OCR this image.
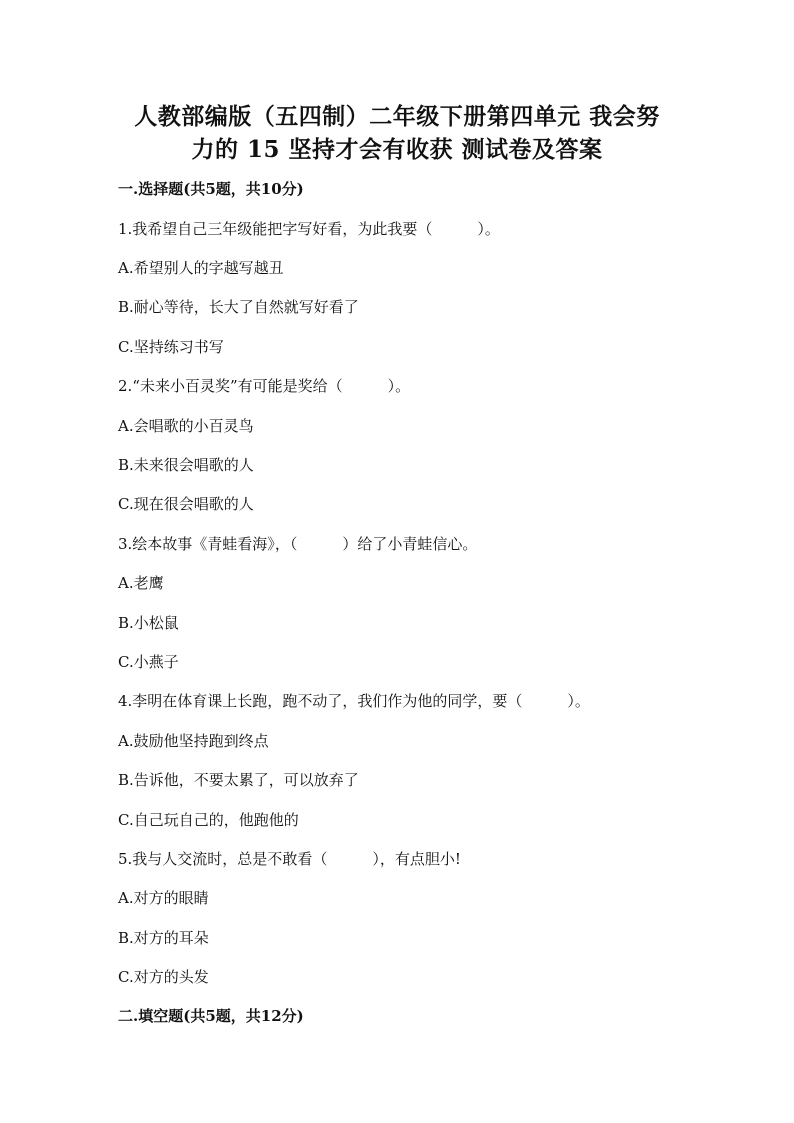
人教部编版（五四制）二年级下册第四单元 我会努
力的 15 坚持才会有收获 测试卷及答案
一.选择题(共5题，共10分)
1.我希望自己三年级能把字写好看，为此我要（　　　）。
A.希望别人的字越写越丑
B.耐心等待，长大了自然就写好看了
C.坚持练习书写
2.“未来小百灵奖”有可能是奖给（　　　）。
A.会唱歌的小百灵鸟
B.未来很会唱歌的人
C.现在很会唱歌的人
3.绘本故事《青蛙看海》，（　　　）给了小青蛙信心。
A.老鹰
B.小松鼠
C.小燕子
4.李明在体育课上长跑，跑不动了，我们作为他的同学，要（　　　）。
A.鼓励他坚持跑到终点
B.告诉他，不要太累了，可以放弃了
C.自己玩自己的，他跑他的
5.我与人交流时，总是不敢看（　　　），有点胆小!
A.对方的眼睛
B.对方的耳朵
C.对方的头发
二.填空题(共5题，共12分)
